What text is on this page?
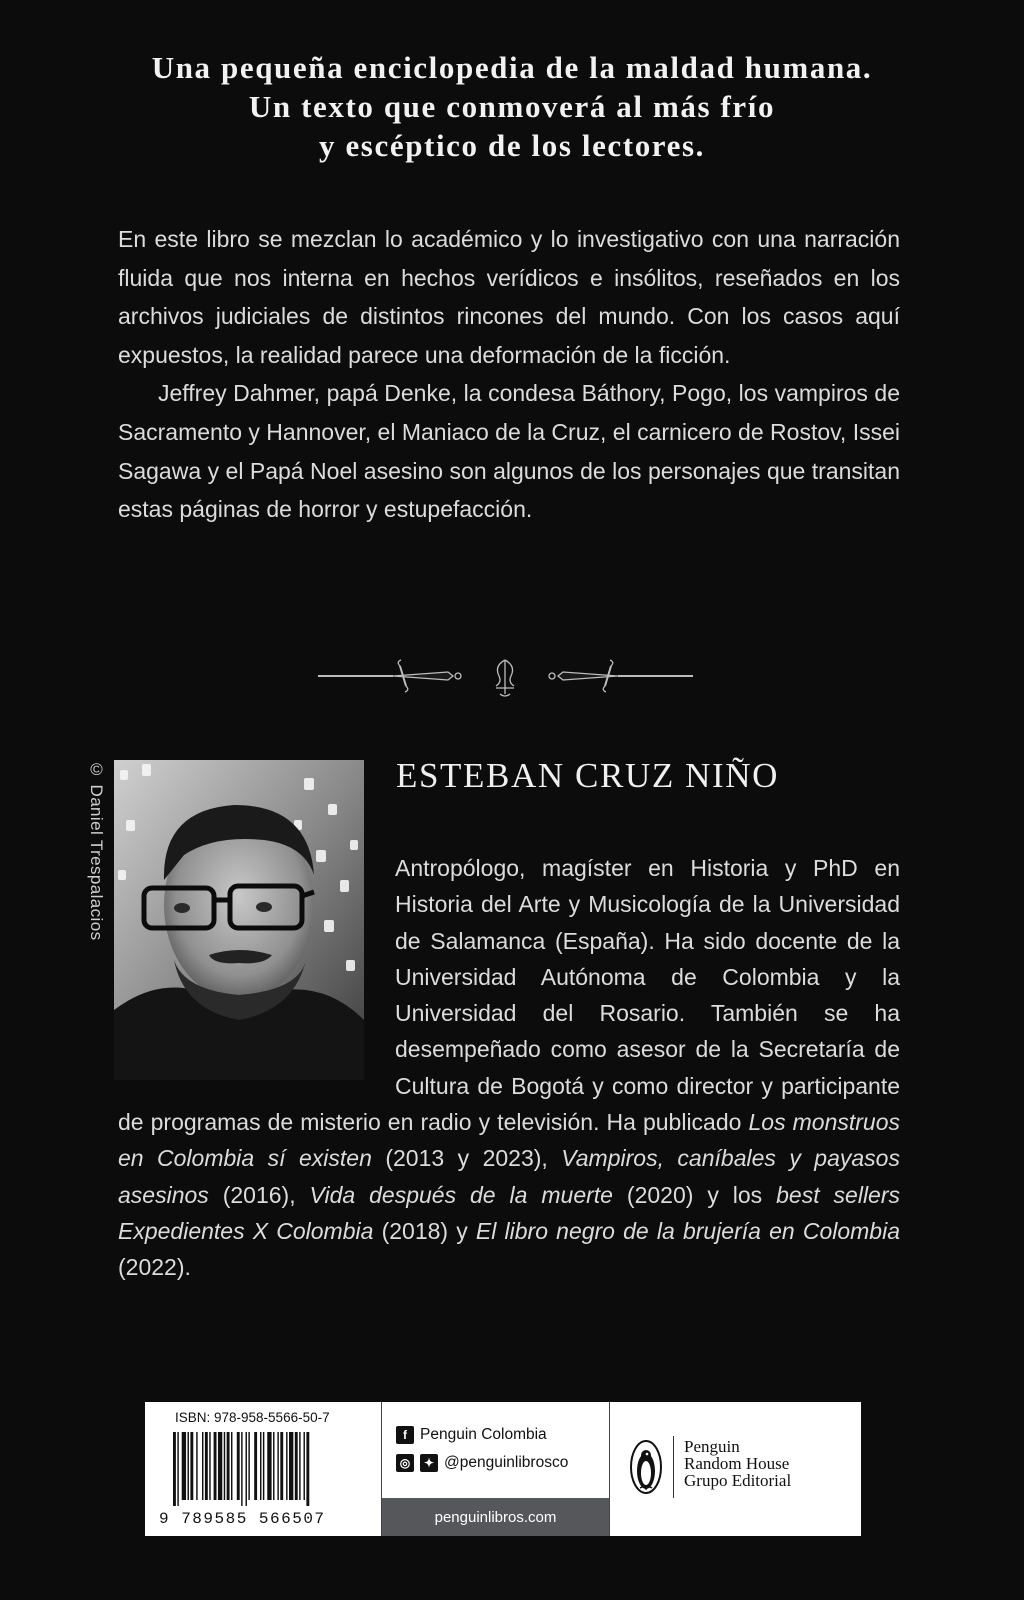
Una pequeña enciclopedia de la maldad humana.
Un texto que conmoverá al más frío
y escéptico de los lectores.

En este libro se mezclan lo académico y lo investigativo con una narración fluida que nos interna en hechos verídicos e insólitos, reseñados en los archivos judiciales de distintos rincones del mundo. Con los casos aquí expuestos, la realidad parece una deformación de la ficción.

Jeffrey Dahmer, papá Denke, la condesa Báthory, Pogo, los vampiros de Sacramento y Hannover, el Maniaco de la Cruz, el carnicero de Rostov, Issei Sagawa y el Papá Noel asesino son algunos de los personajes que transitan estas páginas de horror y estupefacción.

© Daniel Trespalacios	ESTEBAN CRUZ NIÑO

Antropólogo, magíster en Historia y PhD en Historia del Arte y Musicología de la Universidad de Salamanca (España). Ha sido docente de la Universidad Autónoma de Colombia y la Universidad del Rosario. También se ha desempeñado como asesor de la Secretaría de Cultura de Bogotá y como director y participante de programas de misterio en radio y televisión. Ha publicado Los monstruos en Colombia sí existen (2013 y 2023), Vampiros, caníbales y payasos asesinos (2016), Vida después de la muerte (2020) y los best sellers Expedientes X Colombia (2018) y El libro negro de la brujería en Colombia (2022).

ISBN: 978-958-5566-50-7
9 789585 566507
f Penguin Colombia
◎	✦ @penguinlibrosco
penguinlibros.com
Penguin
Random House
Grupo Editorial
